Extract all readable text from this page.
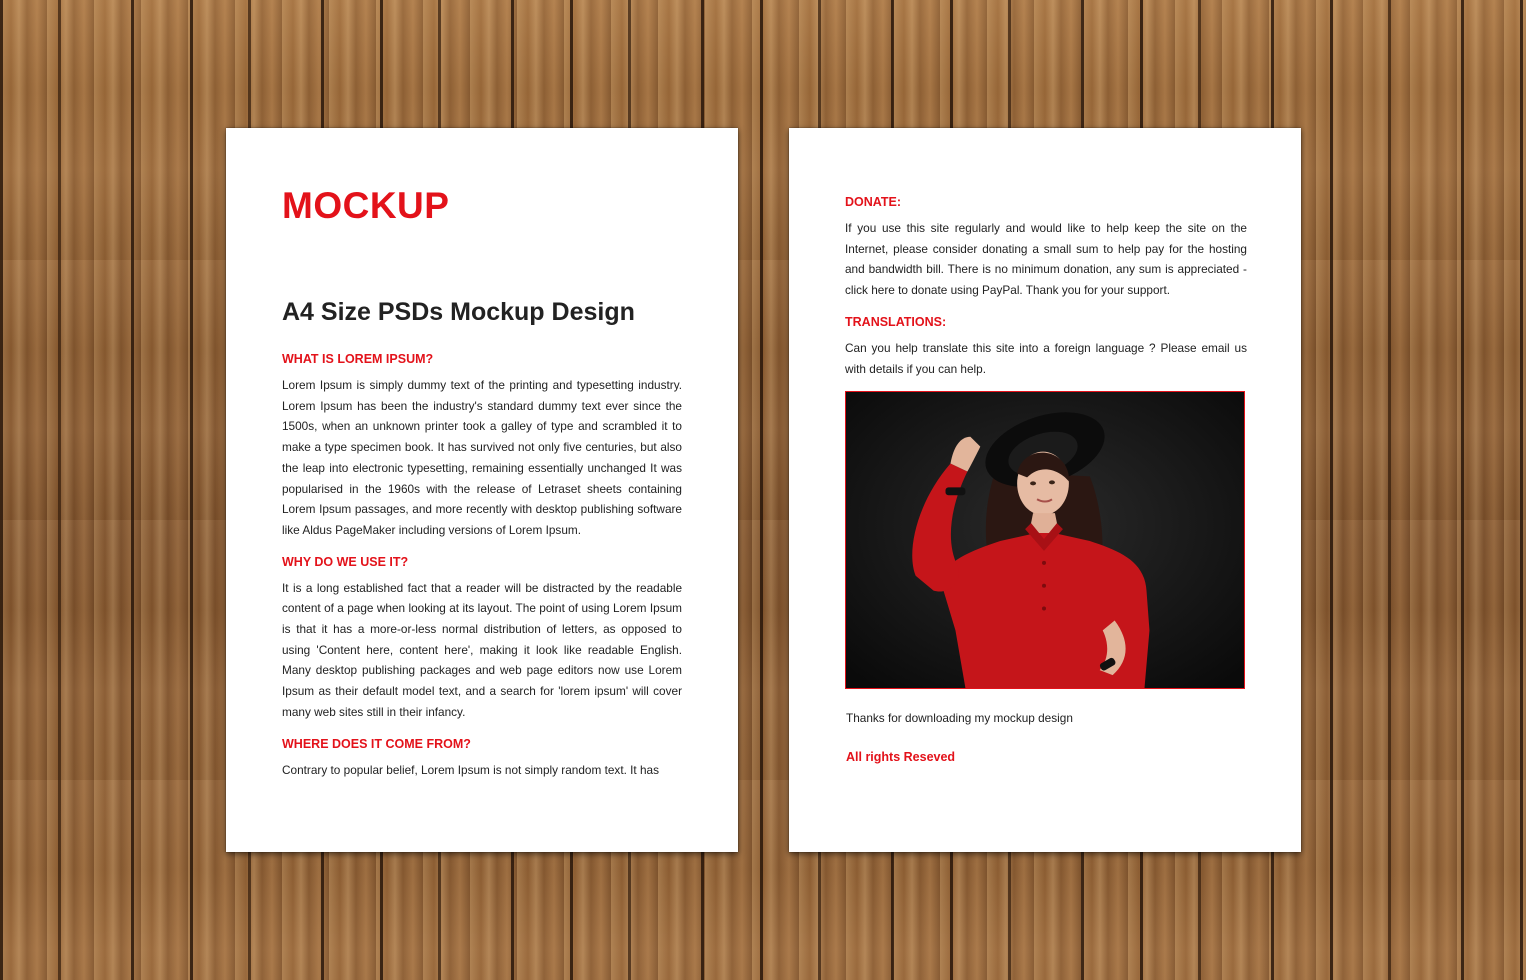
MOCKUP
A4 Size PSDs Mockup Design
WHAT IS LOREM IPSUM?

Lorem Ipsum is simply dummy text of the printing and typesetting industry. Lorem Ipsum has been the industry's standard dummy text ever since the 1500s, when an unknown printer took a galley of type and scrambled it to make a type specimen book. It has survived not only five centuries, but also the leap into electronic typesetting, remaining essentially unchanged It was popularised in the 1960s with the release of Letraset sheets containing Lorem Ipsum passages, and more recently with desktop publishing software like Aldus PageMaker including versions of Lorem Ipsum.

WHY DO WE USE IT?

It is a long established fact that a reader will be distracted by the readable content of a page when looking at its layout. The point of using Lorem Ipsum is that it has a more-or-less normal distribution of letters, as opposed to using 'Content here, content here', making it look like readable English. Many desktop publishing packages and web page editors now use Lorem Ipsum as their default model text, and a search for 'lorem ipsum' will cover many web sites still in their infancy.

WHERE DOES IT COME FROM?

Contrary to popular belief, Lorem Ipsum is not simply random text. It has

DONATE:

If you use this site regularly and would like to help keep the site on the Internet, please consider donating a small sum to help pay for the hosting and bandwidth bill. There is no minimum donation, any sum is appreciated - click here to donate using PayPal. Thank you for your support.

TRANSLATIONS:

Can you help translate this site into a foreign language ? Please email us with details if you can help.

Thanks for downloading my mockup design

All rights Reseved
